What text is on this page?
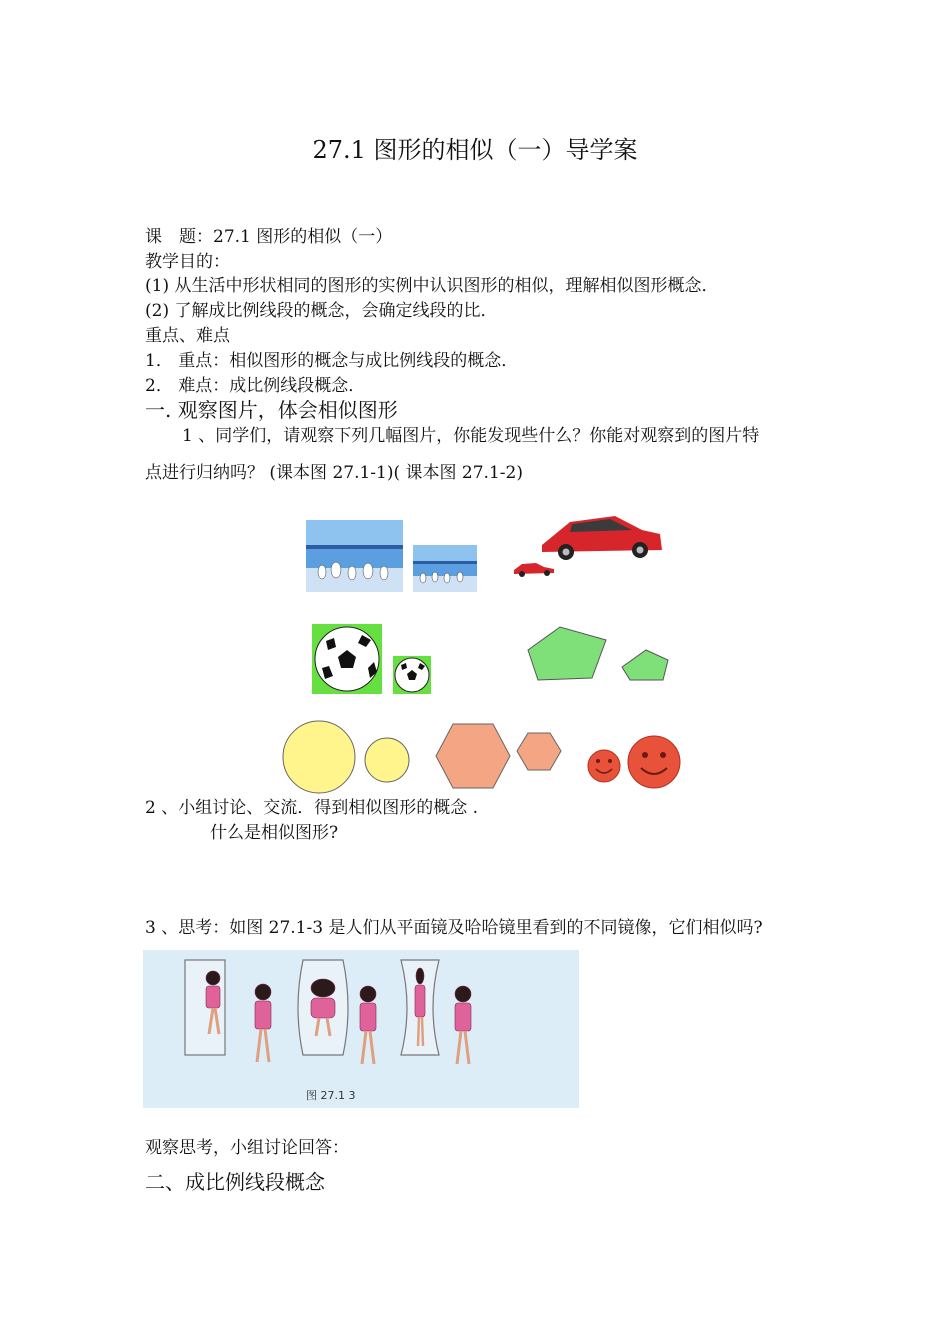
27.1 图形的相似（一）导学案
课　题：27.1 图形的相似（一）
教学目的：
(1) 从生活中形状相同的图形的实例中认识图形的相似，理解相似图形概念．
(2) 了解成比例线段的概念，会确定线段的比．
重点、难点
1． 重点：相似图形的概念与成比例线段的概念．
2． 难点：成比例线段概念．
一. 观察图片，体会相似图形
1 、同学们，请观察下列几幅图片，你能发现些什么？你能对观察到的图片特
点进行归纳吗？ (课本图 27.1-1)( 课本图 27.1-2)
2 、小组讨论、交流．得到相似图形的概念 .
什么是相似图形?
3 、思考：如图 27.1-3 是人们从平面镜及哈哈镜里看到的不同镜像，它们相似吗?
图 27.1 3
观察思考，小组讨论回答：
二、成比例线段概念
